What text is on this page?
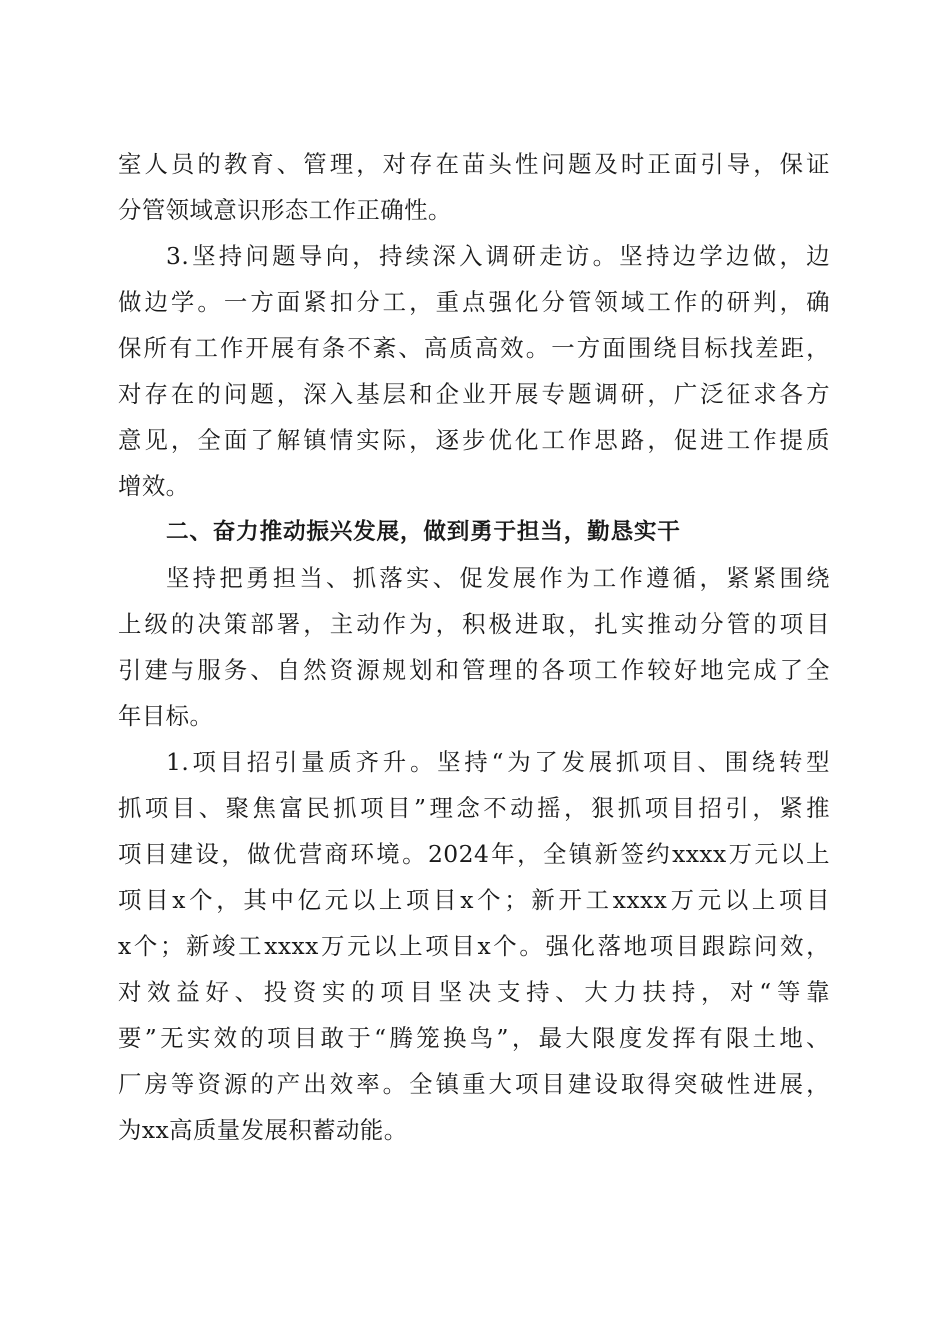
室人员的教育、管理，对存在苗头性问题及时正面引导，保证
分管领域意识形态工作正确性。
3.坚持问题导向，持续深入调研走访。坚持边学边做，边
做边学。一方面紧扣分工，重点强化分管领域工作的研判，确
保所有工作开展有条不紊、高质高效。一方面围绕目标找差距，
对存在的问题，深入基层和企业开展专题调研，广泛征求各方
意见，全面了解镇情实际，逐步优化工作思路，促进工作提质
增效。
二、奋力推动振兴发展，做到勇于担当，勤恳实干
坚持把勇担当、抓落实、促发展作为工作遵循，紧紧围绕
上级的决策部署，主动作为，积极进取，扎实推动分管的项目
引建与服务、自然资源规划和管理的各项工作较好地完成了全
年目标。
1.项目招引量质齐升。坚持“为了发展抓项目、围绕转型
抓项目、聚焦富民抓项目”理念不动摇，狠抓项目招引，紧推
项目建设，做优营商环境。2024年，全镇新签约xxxx万元以上
项目x个，其中亿元以上项目x个；新开工xxxx万元以上项目
x个；新竣工xxxx万元以上项目x个。强化落地项目跟踪问效，
对效益好、投资实的项目坚决支持、大力扶持，对“等靠
要”无实效的项目敢于“腾笼换鸟”，最大限度发挥有限土地、
厂房等资源的产出效率。全镇重大项目建设取得突破性进展，
为xx高质量发展积蓄动能。
